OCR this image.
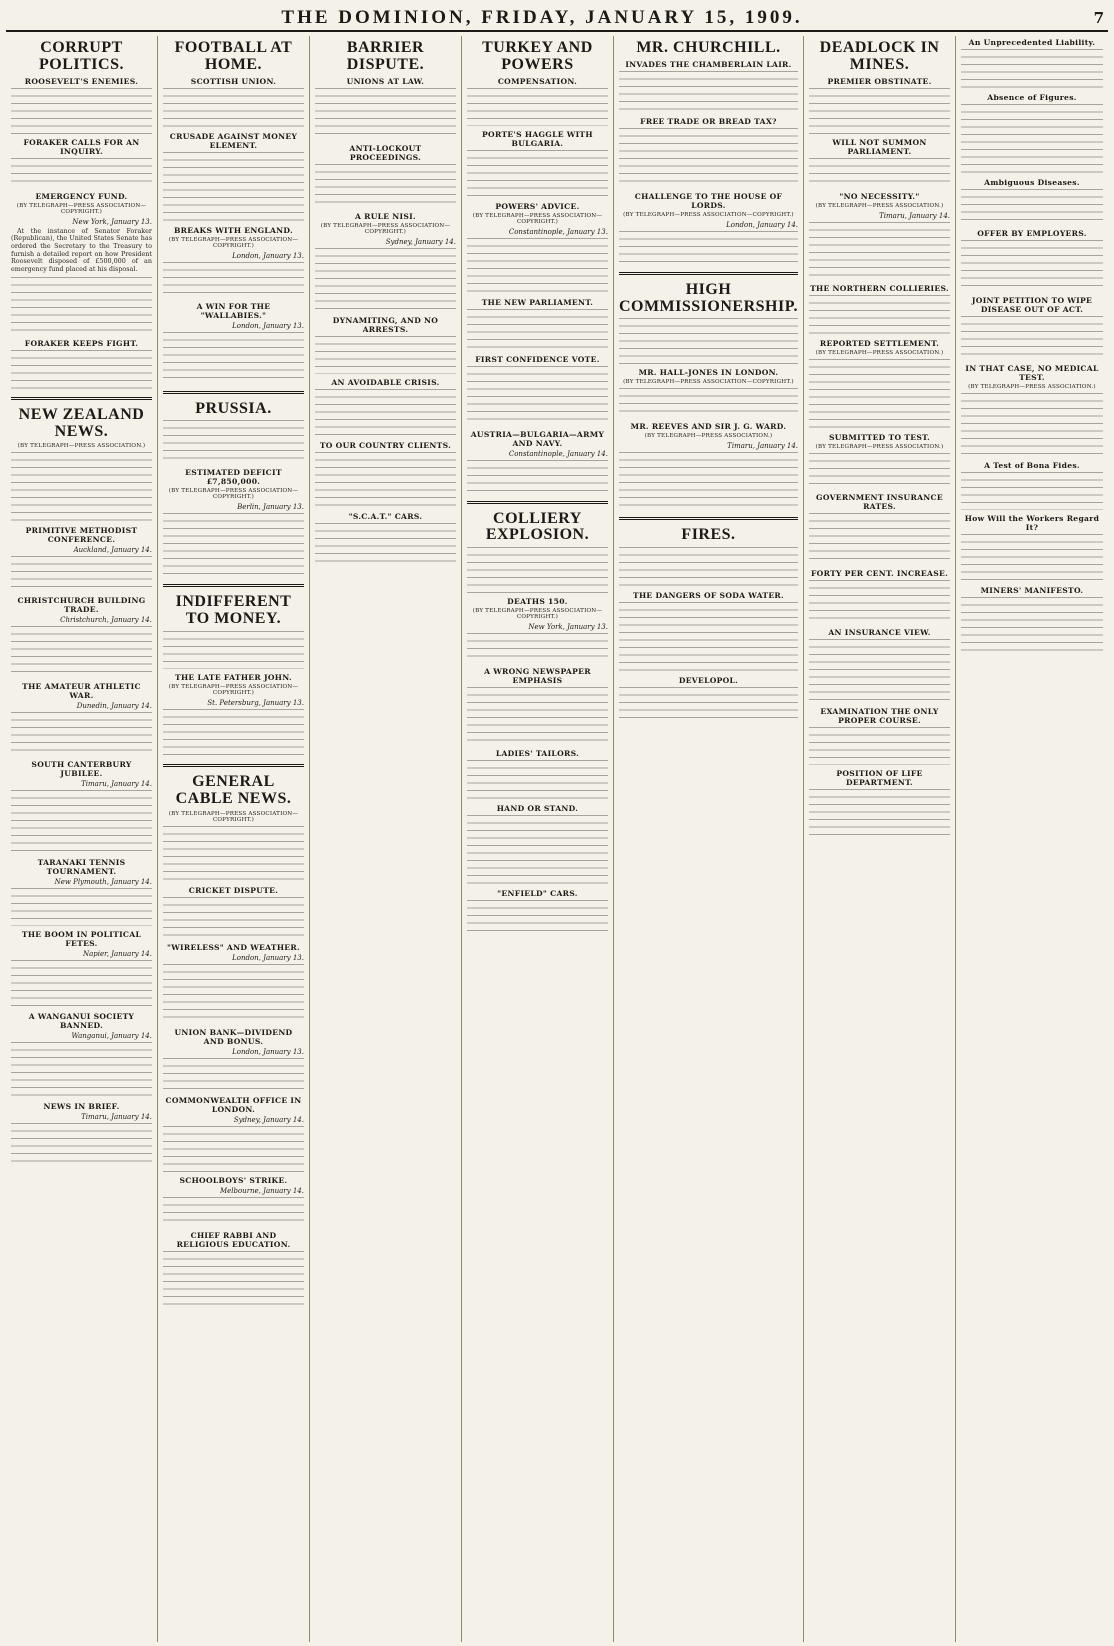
THE DOMINION, FRIDAY, JANUARY 15, 1909.	7
CORRUPT POLITICS.
ROOSEVELT'S ENEMIES.
FORAKER CALLS FOR AN INQUIRY.
EMERGENCY FUND.
(BY TELEGRAPH—PRESS ASSOCIATION—COPYRIGHT.)
New York, January 13.

At the instance of Senator Foraker (Republican), the United States Senate has ordered the Secretary to the Treasury to furnish a detailed report on how President Roosevelt disposed of £500,000 of an emergency fund placed at his disposal.

FORAKER KEEPS FIGHT.
NEW ZEALAND NEWS.
(BY TELEGRAPH—PRESS ASSOCIATION.)
PRIMITIVE METHODIST CONFERENCE.
Auckland, January 14.
CHRISTCHURCH BUILDING TRADE.
Christchurch, January 14.
THE AMATEUR ATHLETIC WAR.
Dunedin, January 14.
SOUTH CANTERBURY JUBILEE.
Timaru, January 14.
TARANAKI TENNIS TOURNAMENT.
New Plymouth, January 14.
THE BOOM IN POLITICAL FETES.
Napier, January 14.
A WANGANUI SOCIETY BANNED.
Wanganui, January 14.
NEWS IN BRIEF.
Timaru, January 14.
FOOTBALL AT HOME.
SCOTTISH UNION.
CRUSADE AGAINST MONEY ELEMENT.
BREAKS WITH ENGLAND.
(BY TELEGRAPH—PRESS ASSOCIATION—COPYRIGHT.)
London, January 13.
A WIN FOR THE "WALLABIES."
London, January 13.
PRUSSIA.
ESTIMATED DEFICIT £7,850,000.
(BY TELEGRAPH—PRESS ASSOCIATION—COPYRIGHT.)
Berlin, January 13.
INDIFFERENT TO MONEY.
THE LATE FATHER JOHN.
(BY TELEGRAPH—PRESS ASSOCIATION—COPYRIGHT.)
St. Petersburg, January 13.
GENERAL CABLE NEWS.
(BY TELEGRAPH—PRESS ASSOCIATION—COPYRIGHT.)
CRICKET DISPUTE.
"WIRELESS" AND WEATHER.
London, January 13.
UNION BANK—DIVIDEND AND BONUS.
London, January 13.
COMMONWEALTH OFFICE IN LONDON.
Sydney, January 14.
SCHOOLBOYS' STRIKE.
Melbourne, January 14.
CHIEF RABBI AND RELIGIOUS EDUCATION.
BARRIER DISPUTE.
UNIONS AT LAW.
ANTI-LOCKOUT PROCEEDINGS.
A RULE NISI.
(BY TELEGRAPH—PRESS ASSOCIATION—COPYRIGHT.)
Sydney, January 14.
DYNAMITING, AND NO ARRESTS.
AN AVOIDABLE CRISIS.
TO OUR COUNTRY CLIENTS.
"S.C.A.T." CARS.
TURKEY AND POWERS
COMPENSATION.
PORTE'S HAGGLE WITH BULGARIA.
POWERS' ADVICE.
(BY TELEGRAPH—PRESS ASSOCIATION—COPYRIGHT.)
Constantinople, January 13.
THE NEW PARLIAMENT.
FIRST CONFIDENCE VOTE.
AUSTRIA—BULGARIA—ARMY AND NAVY.
Constantinople, January 14.
COLLIERY EXPLOSION.
DEATHS 150.
(BY TELEGRAPH—PRESS ASSOCIATION—COPYRIGHT.)
New York, January 13.
A WRONG NEWSPAPER EMPHASIS
LADIES' TAILORS.
HAND OR STAND.
"ENFIELD" CARS.
MR. CHURCHILL.
INVADES THE CHAMBERLAIN LAIR.
FREE TRADE OR BREAD TAX?
CHALLENGE TO THE HOUSE OF LORDS.
(BY TELEGRAPH—PRESS ASSOCIATION—COPYRIGHT.)
London, January 14.
HIGH COMMISSIONERSHIP.
MR. HALL-JONES IN LONDON.
(BY TELEGRAPH—PRESS ASSOCIATION—COPYRIGHT.)
MR. REEVES AND SIR J. G. WARD.
(BY TELEGRAPH—PRESS ASSOCIATION.)
Timaru, January 14.
FIRES.
THE DANGERS OF SODA WATER.
DEVELOPOL.
DEADLOCK IN MINES.
PREMIER OBSTINATE.
WILL NOT SUMMON PARLIAMENT.
"NO NECESSITY."
(BY TELEGRAPH—PRESS ASSOCIATION.)
Timaru, January 14.
THE NORTHERN COLLIERIES.
REPORTED SETTLEMENT.
(BY TELEGRAPH—PRESS ASSOCIATION.)
SUBMITTED TO TEST.
(BY TELEGRAPH—PRESS ASSOCIATION.)
GOVERNMENT INSURANCE RATES.
FORTY PER CENT. INCREASE.
AN INSURANCE VIEW.
EXAMINATION THE ONLY PROPER COURSE.
POSITION OF LIFE DEPARTMENT.
An Unprecedented Liability.
Absence of Figures.
Ambiguous Diseases.
OFFER BY EMPLOYERS.
JOINT PETITION TO WIPE DISEASE OUT OF ACT.
IN THAT CASE, NO MEDICAL TEST.
(BY TELEGRAPH—PRESS ASSOCIATION.)
A Test of Bona Fides.
How Will the Workers Regard It?
MINERS' MANIFESTO.
